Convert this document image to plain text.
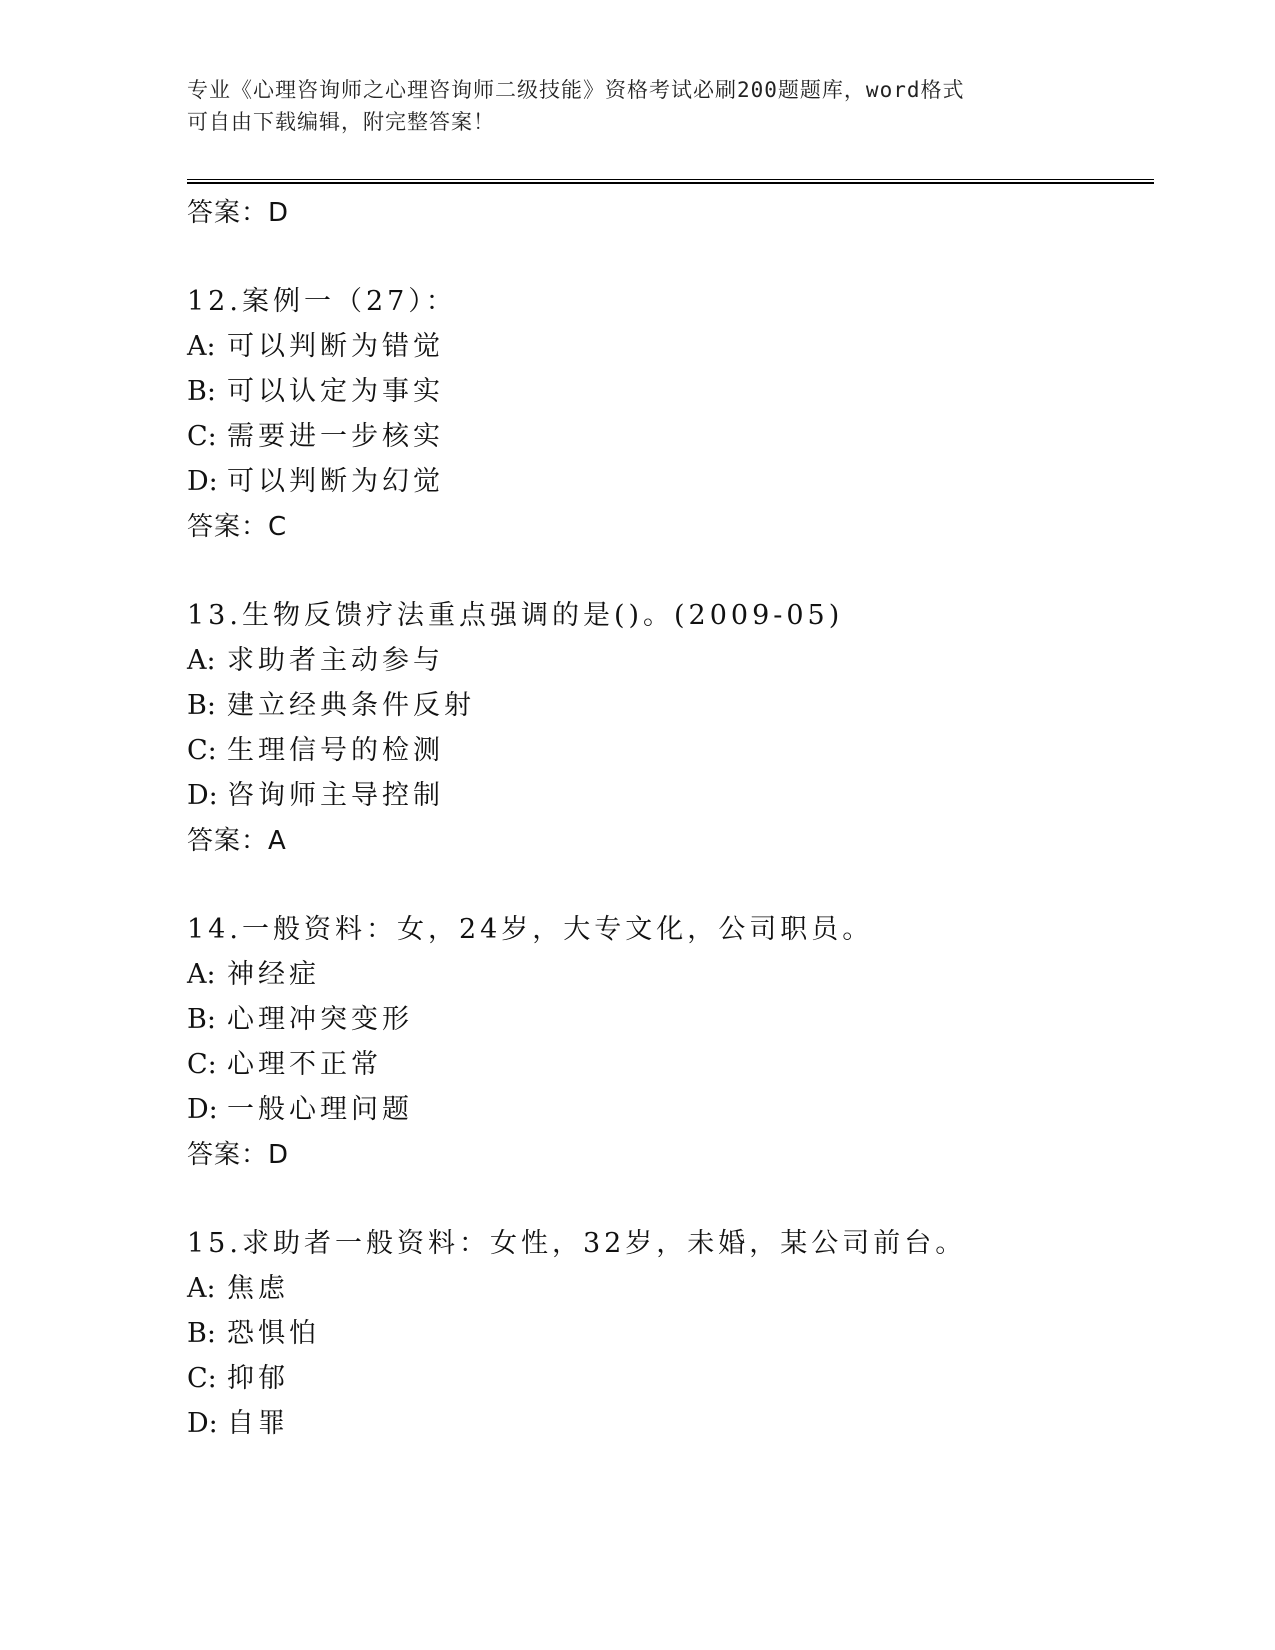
专业《心理咨询师之心理咨询师二级技能》资格考试必刷200题题库，word格式
可自由下载编辑，附完整答案！
答案：D
12.案例一（27）：
A: 可以判断为错觉
B: 可以认定为事实
C: 需要进一步核实
D: 可以判断为幻觉
答案：C
13.生物反馈疗法重点强调的是()。(2009-05)
A: 求助者主动参与
B: 建立经典条件反射
C: 生理信号的检测
D: 咨询师主导控制
答案：A
14.一般资料：女，24岁，大专文化，公司职员。
A: 神经症
B: 心理冲突变形
C: 心理不正常
D: 一般心理问题
答案：D
15.求助者一般资料：女性，32岁，未婚，某公司前台。
A: 焦虑
B: 恐惧怕
C: 抑郁
D: 自罪
